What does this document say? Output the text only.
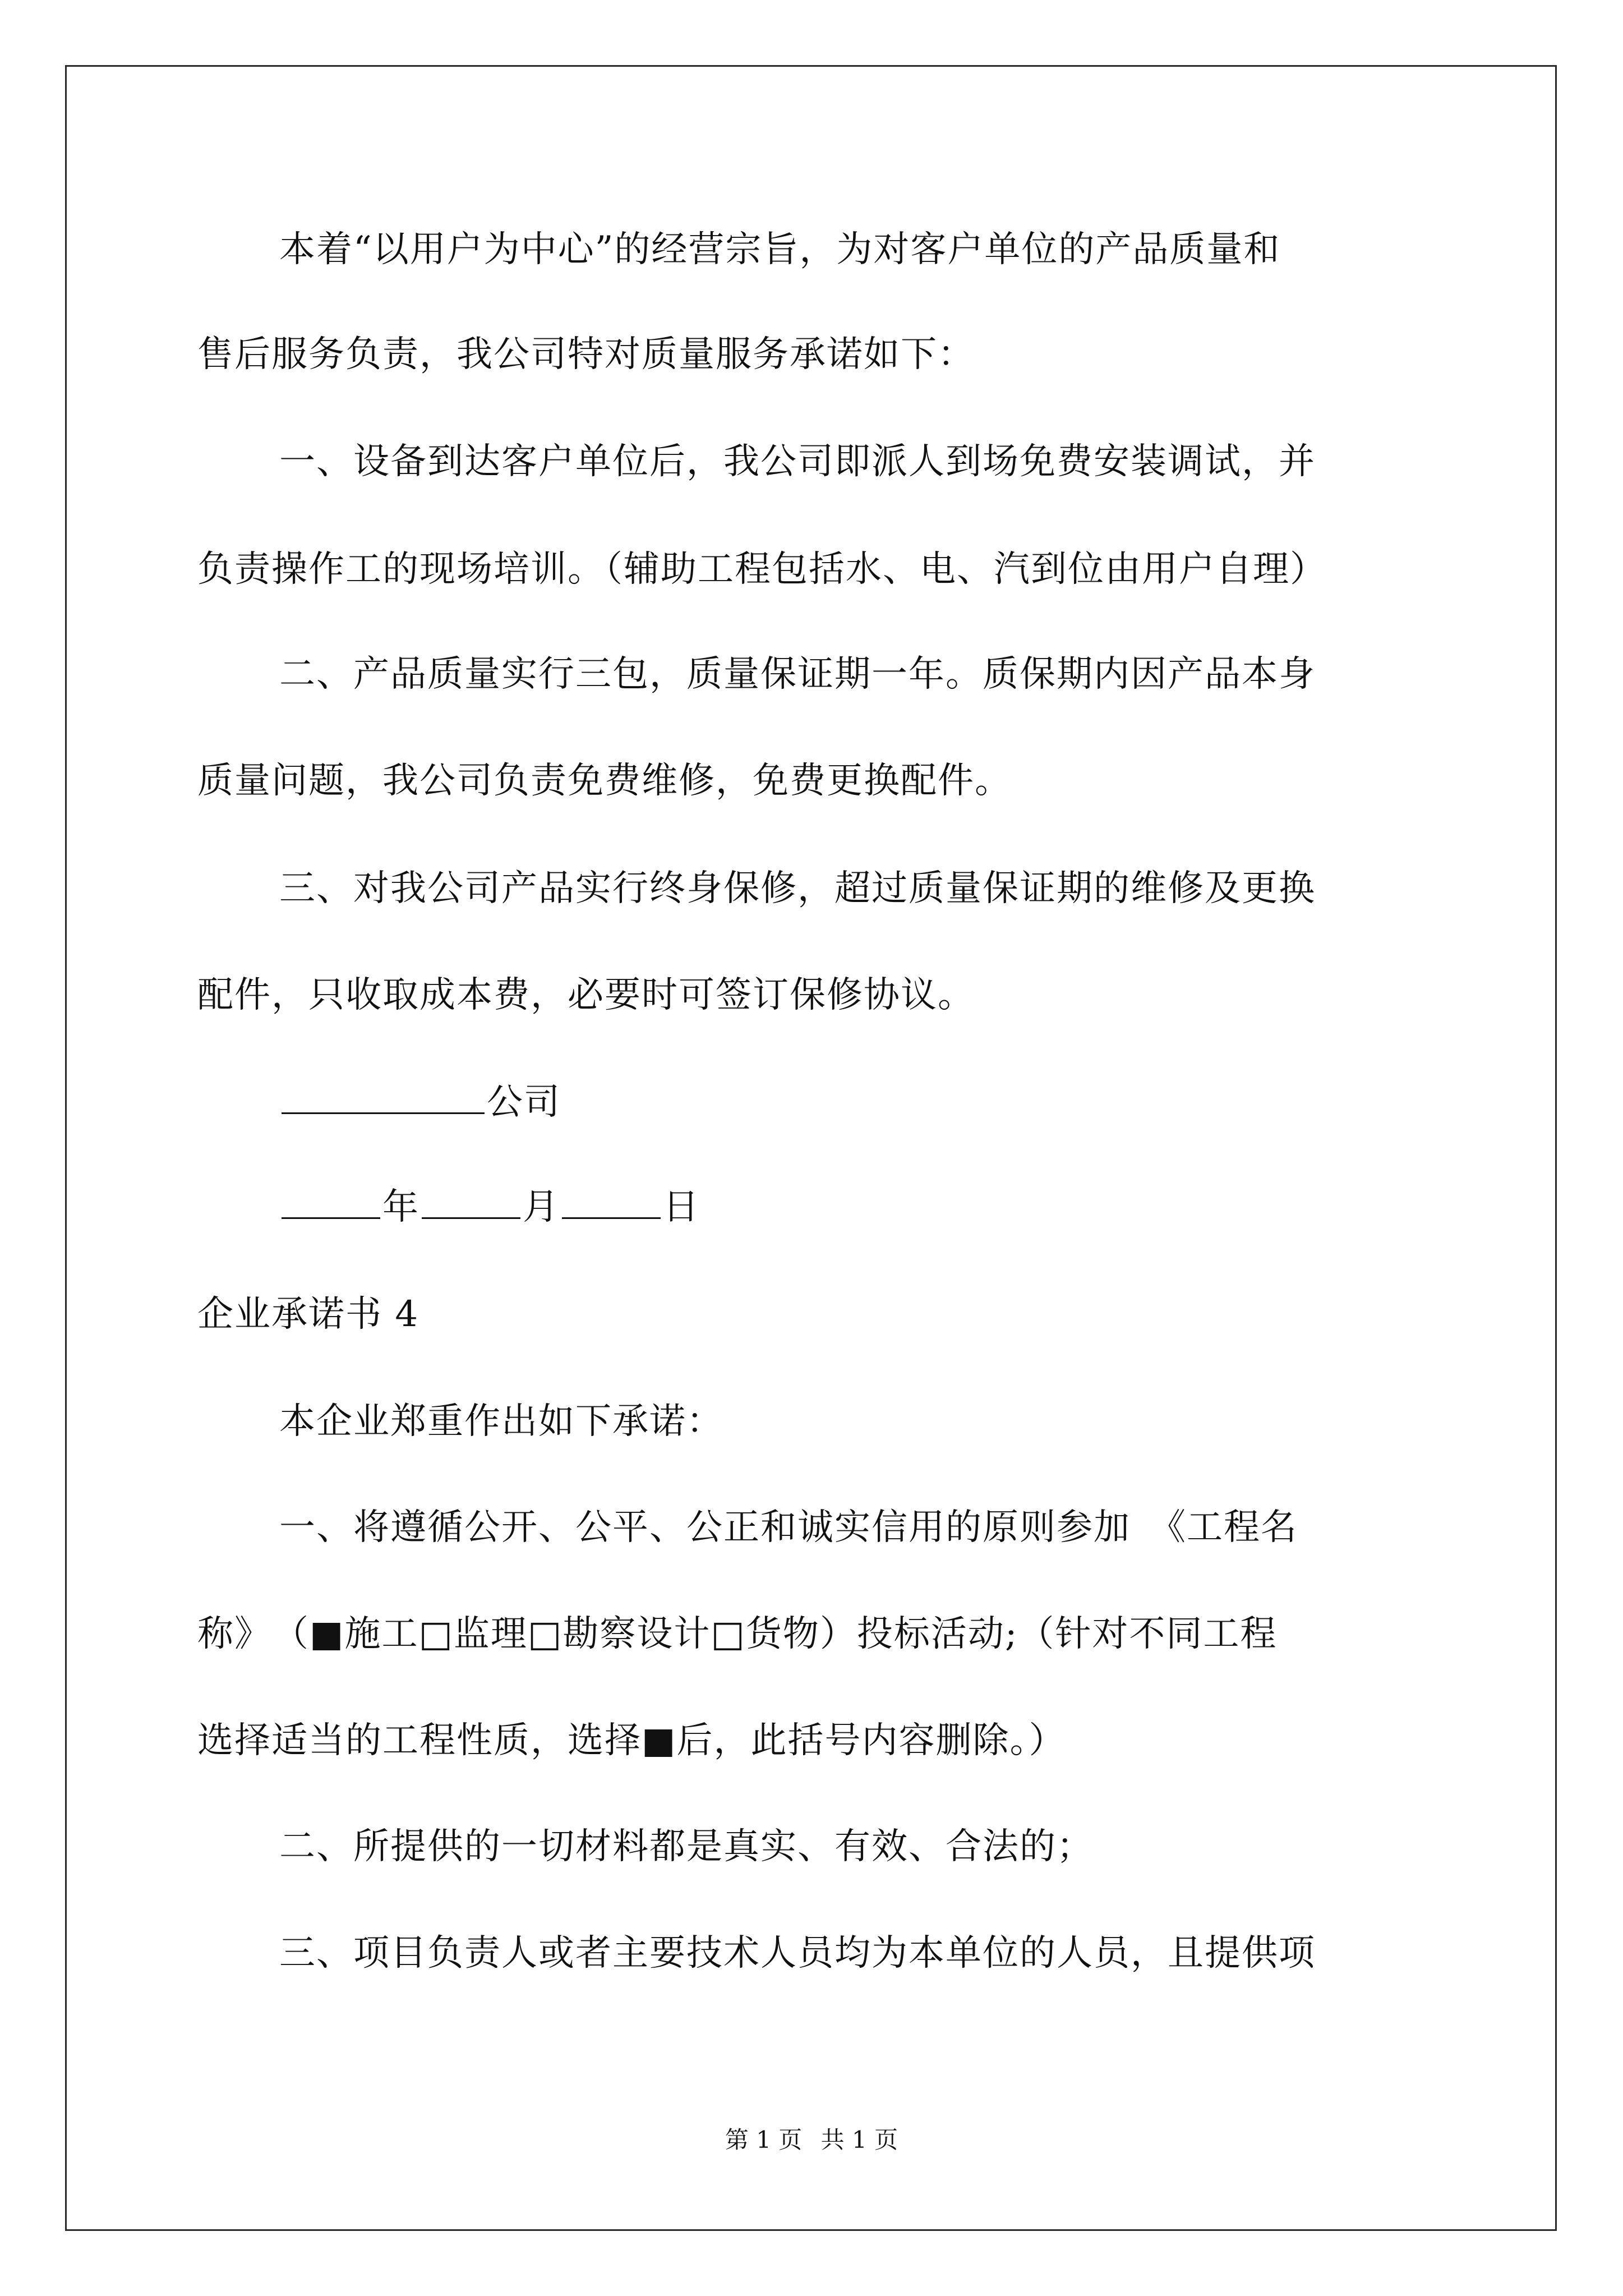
本着“以用户为中心”的经营宗旨，为对客户单位的产品质量和
售后服务负责，我公司特对质量服务承诺如下：
一、设备到达客户单位后，我公司即派人到场免费安装调试，并
负责操作工的现场培训。（辅助工程包括水、电、汽到位由用户自理）
二、产品质量实行三包，质量保证期一年。质保期内因产品本身
质量问题，我公司负责免费维修，免费更换配件。
三、对我公司产品实行终身保修，超过质量保证期的维修及更换
配件，只收取成本费，必要时可签订保修协议。
公司
年	月	日
企业承诺书 4
本企业郑重作出如下承诺：
一、将遵循公开、公平、公正和诚实信用的原则参加　《工程名
称》　（■施工□监理□勘察设计□货物）投标活动;（针对不同工程
选择适当的工程性质，选择■后，此括号内容删除。）
二、所提供的一切材料都是真实、有效、合法的；
三、项目负责人或者主要技术人员均为本单位的人员，且提供项
第 1 页 共 1 页
